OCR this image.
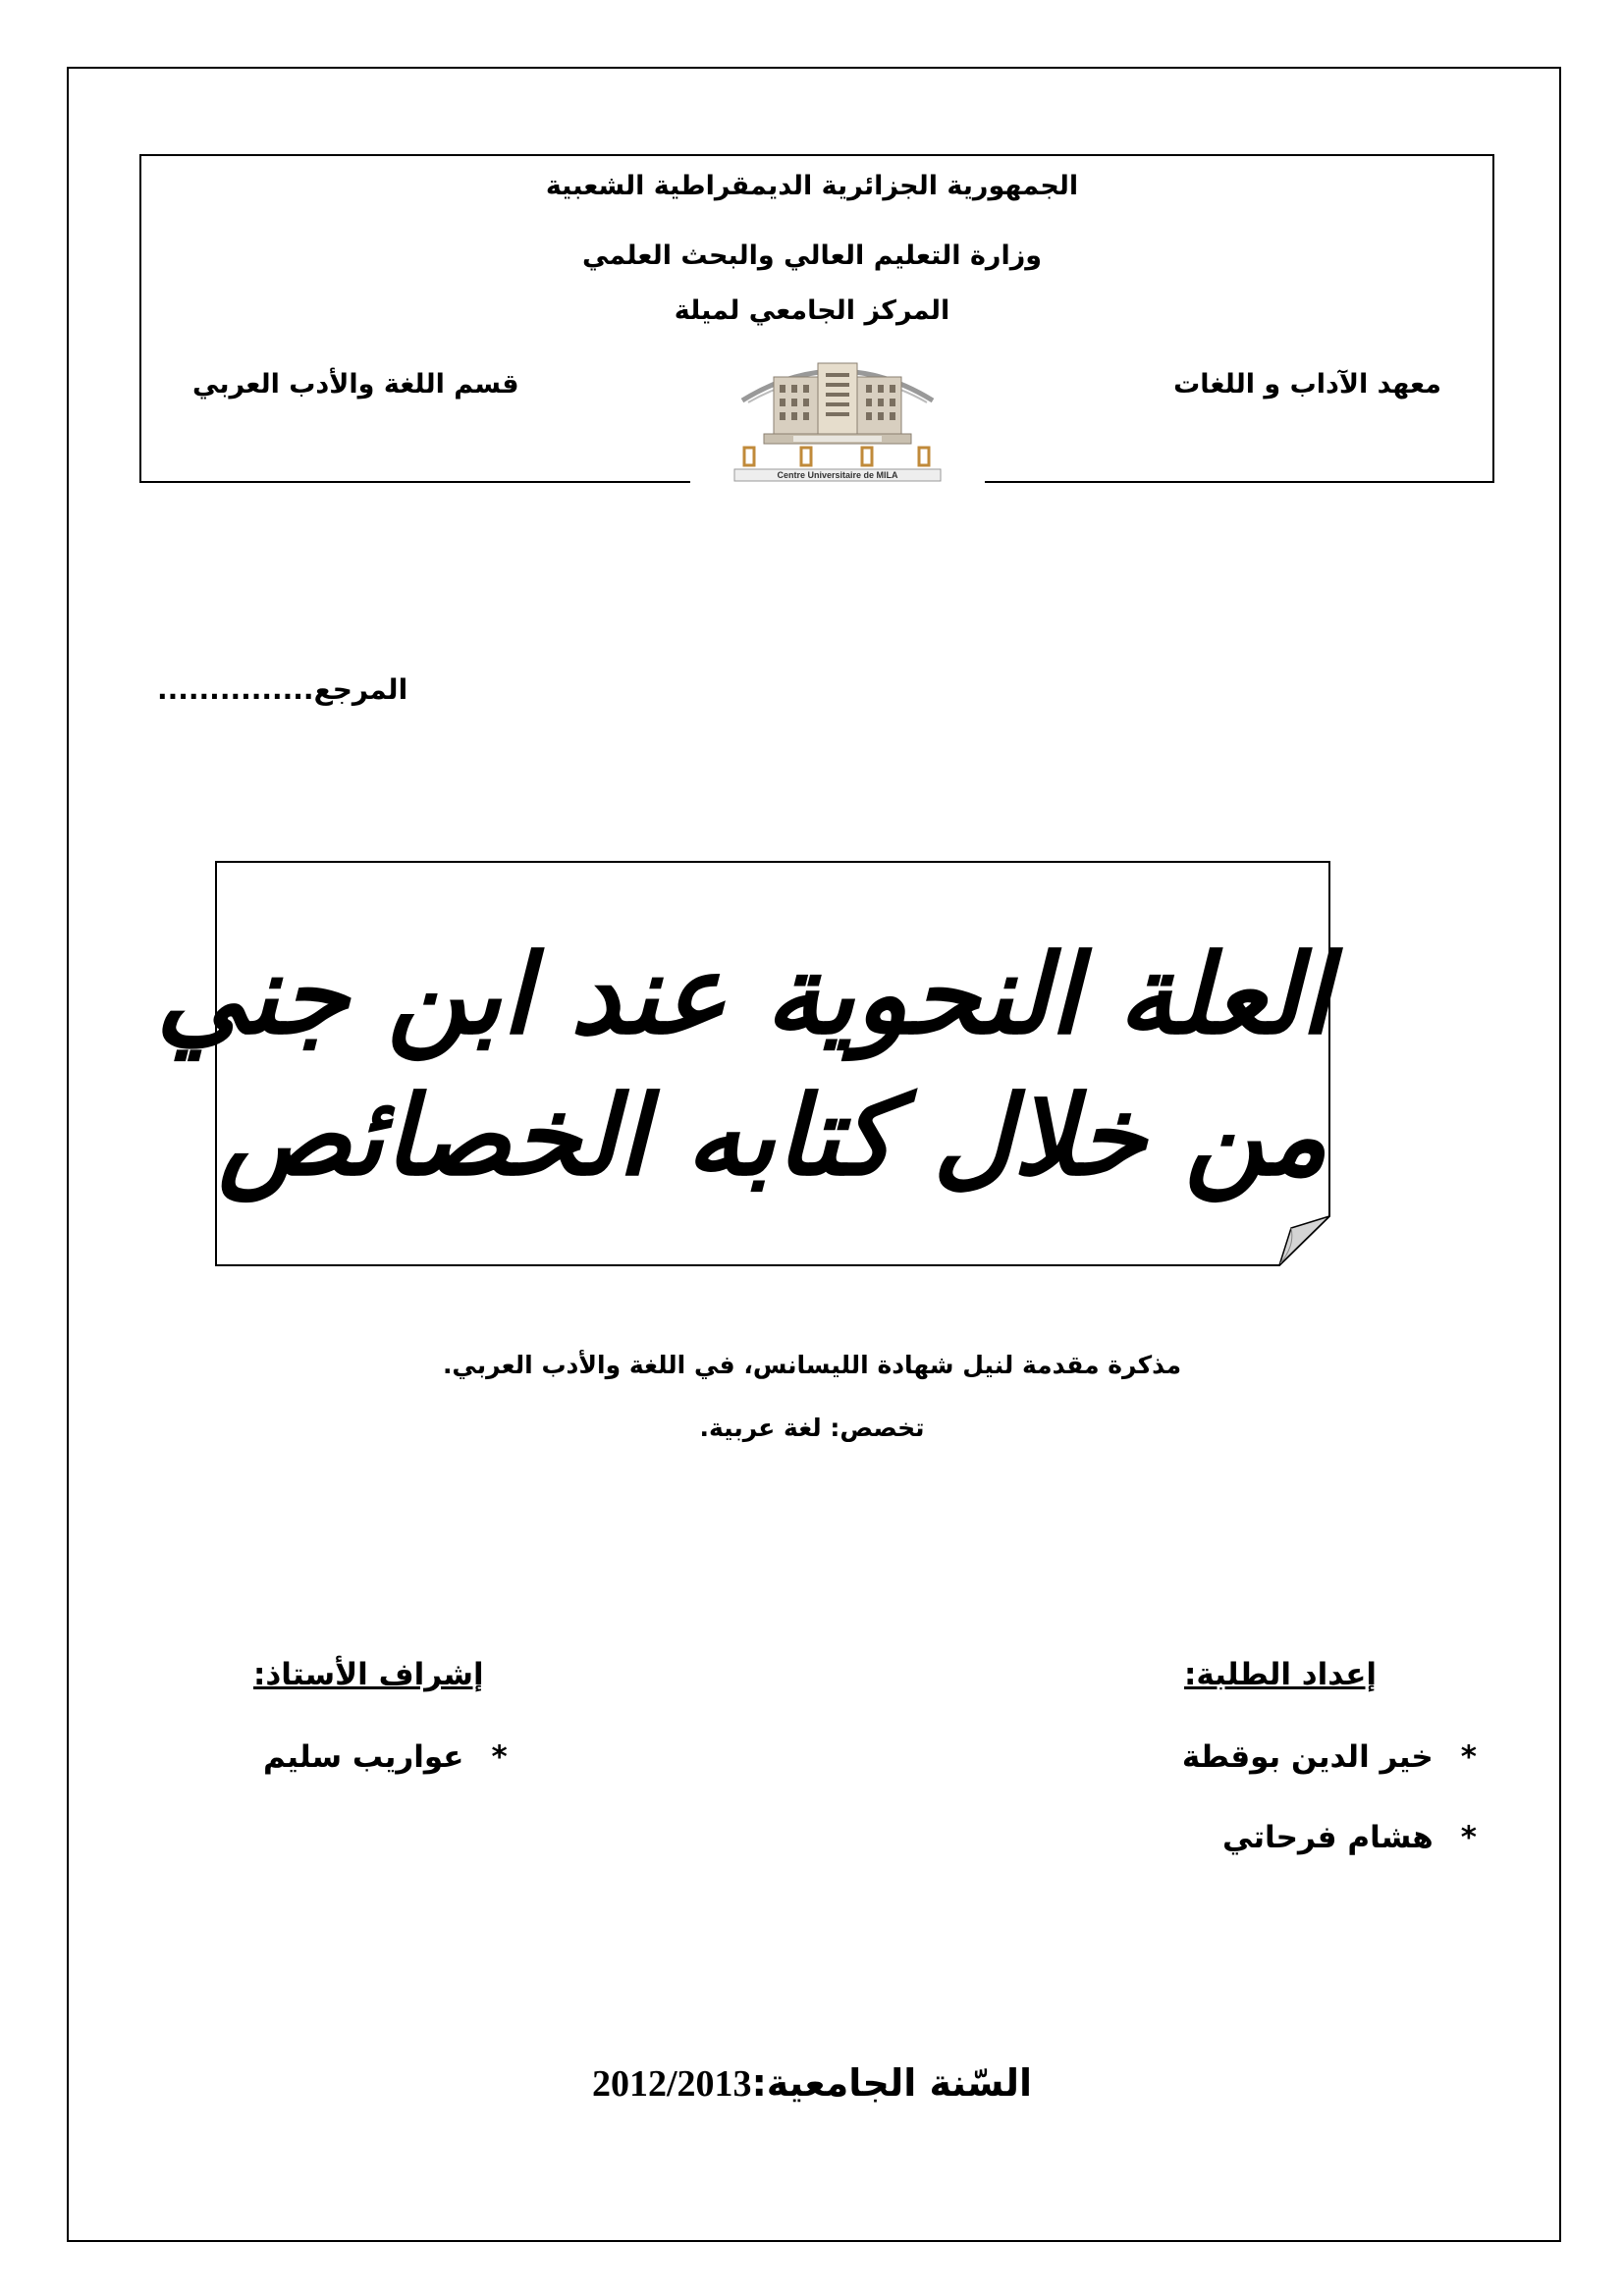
الجمهورية الجزائرية الديمقراطية الشعبية
وزارة التعليم العالي والبحث العلمي
المركز الجامعي لميلة
معهد الآداب و اللغات
قسم اللغة والأدب العربي
Centre Universitaire de MILA
المرجع...............
العلة النحوية عند ابن جني
من خلال كتابه الخصائص
مذكرة مقدمة لنيل شهادة الليسانس، في اللغة والأدب العربي.
تخصص: لغة عربية.
إعداد الطلبة:
إشراف الأستاذ:
*خير الدين بوقطة
*هشام فرحاتي
*عواريب سليم
2012/2013السّنة الجامعية:
